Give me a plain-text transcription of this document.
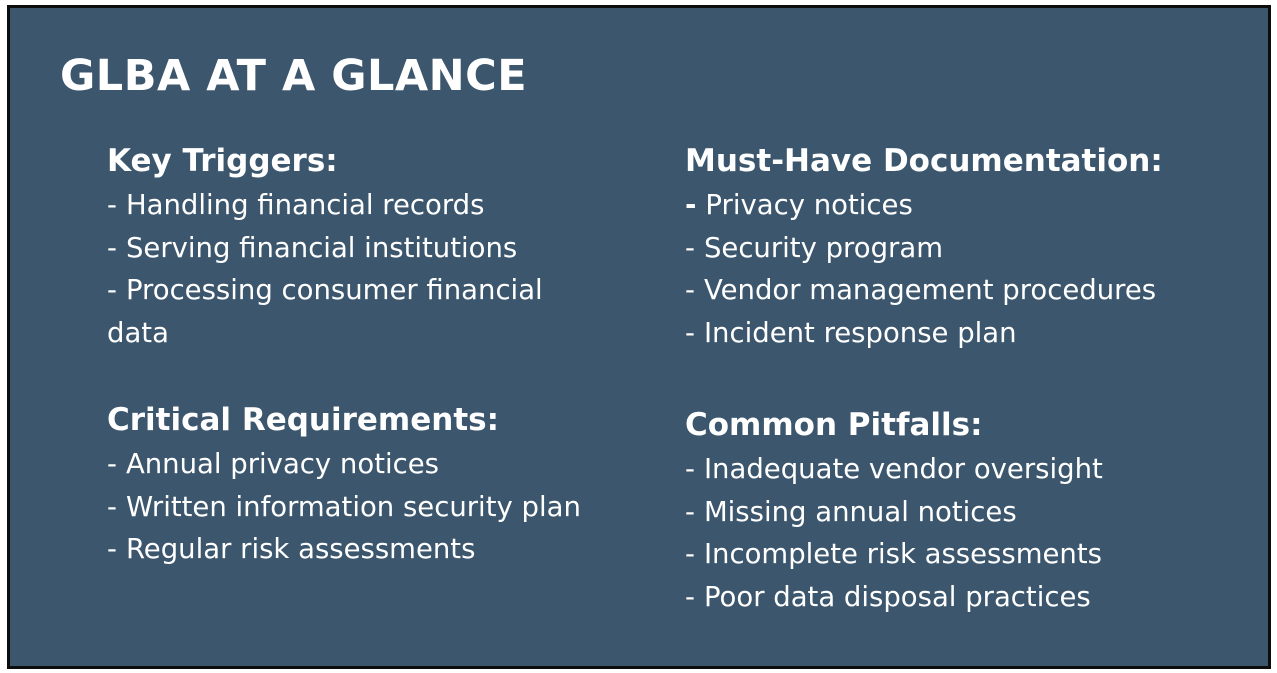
GLBA AT A GLANCE
Key Triggers:
- Handling financial records
- Serving financial institutions
- Processing consumer financial data
Critical Requirements:
- Annual privacy notices
- Written information security plan
- Regular risk assessments
Must-Have Documentation:
- Privacy notices
- Security program
- Vendor management procedures
- Incident response plan
Common Pitfalls:
- Inadequate vendor oversight
- Missing annual notices
- Incomplete risk assessments
- Poor data disposal practices
